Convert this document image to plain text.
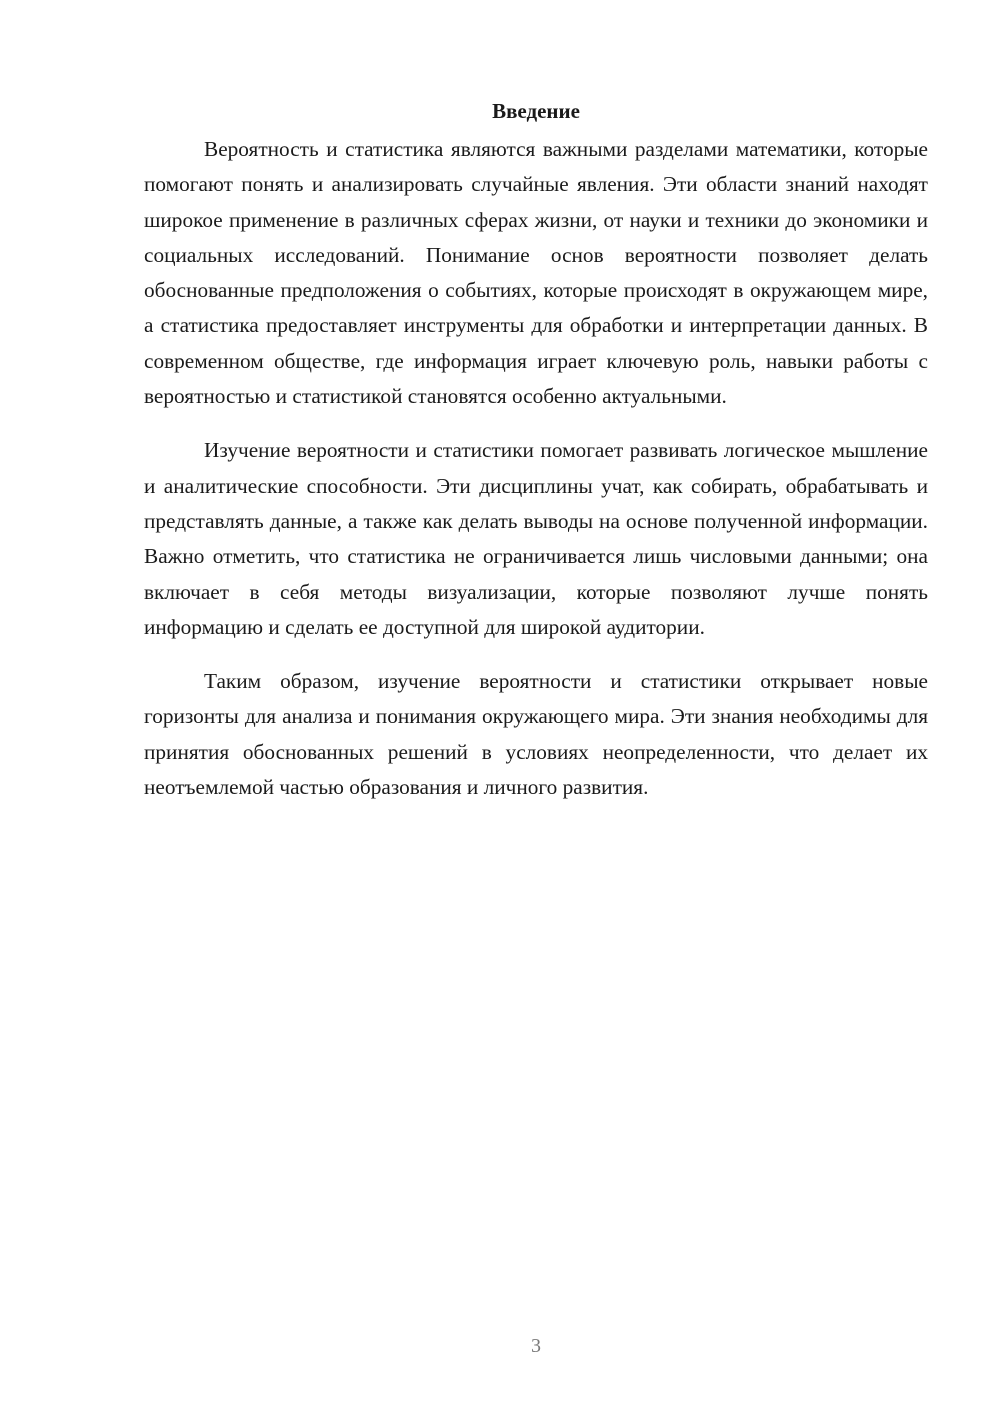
Введение

Вероятность и статистика являются важными разделами математики, которые помогают понять и анализировать случайные явления. Эти области знаний находят широкое применение в различных сферах жизни, от науки и техники до экономики и социальных исследований. Понимание основ вероятности позволяет делать обоснованные предположения о событиях, которые происходят в окружающем мире, а статистика предоставляет инструменты для обработки и интерпретации данных. В современном обществе, где информация играет ключевую роль, навыки работы с вероятностью и статистикой становятся особенно актуальными.

Изучение вероятности и статистики помогает развивать логическое мышление и аналитические способности. Эти дисциплины учат, как собирать, обрабатывать и представлять данные, а также как делать выводы на основе полученной информации. Важно отметить, что статистика не ограничивается лишь числовыми данными; она включает в себя методы визуализации, которые позволяют лучше понять информацию и сделать ее доступной для широкой аудитории.

Таким образом, изучение вероятности и статистики открывает новые горизонты для анализа и понимания окружающего мира. Эти знания необходимы для принятия обоснованных решений в условиях неопределенности, что делает их неотъемлемой частью образования и личного развития.

3
